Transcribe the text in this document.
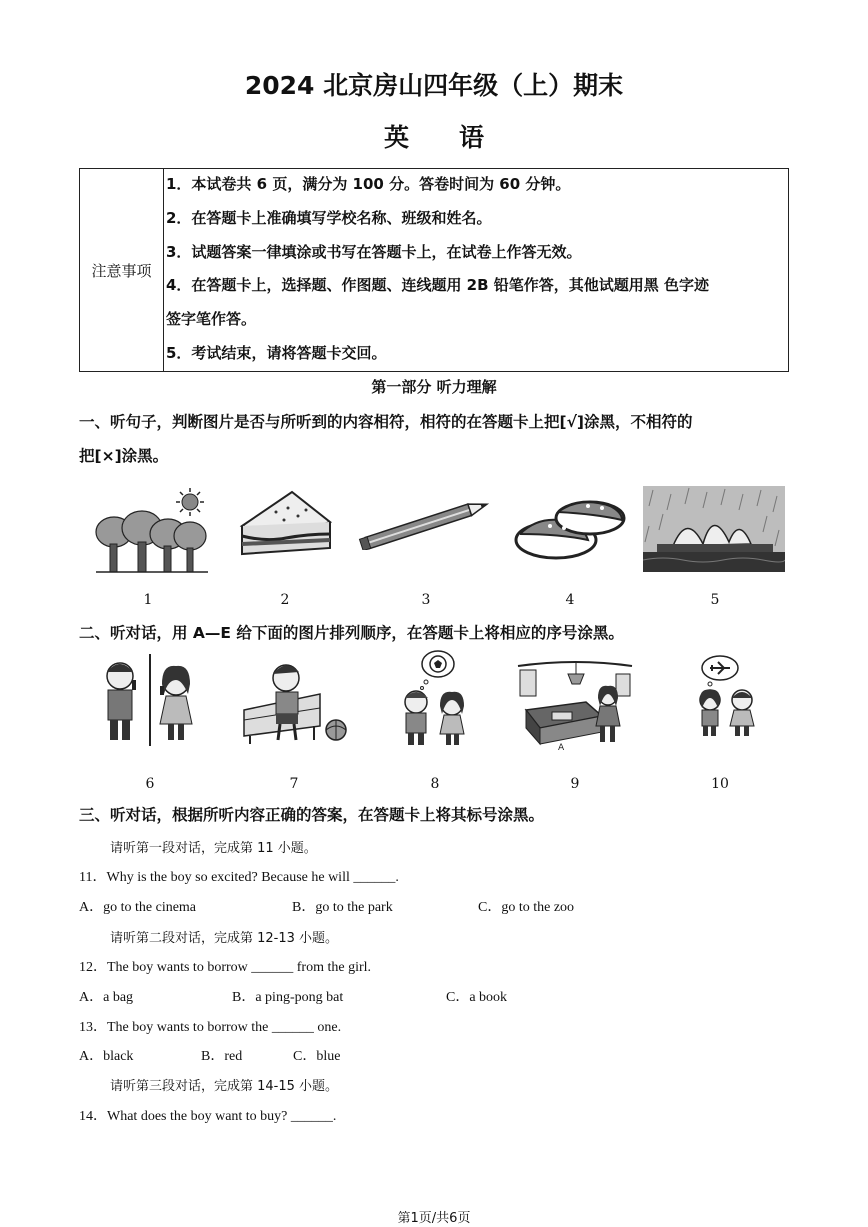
2024 北京房山四年级（上）期末
英　　语
注意事项
1．本试卷共 6 页，满分为 100 分。答卷时间为 60 分钟。
2．在答题卡上准确填写学校名称、班级和姓名。
3．试题答案一律填涂或书写在答题卡上，在试卷上作答无效。
4．在答题卡上，选择题、作图题、连线题用 2B 铅笔作答，其他试题用黑 色字迹
签字笔作答。
5．考试结束，请将答题卡交回。
第一部分 听力理解
一、听句子，判断图片是否与所听到的内容相符，相符的在答题卡上把[√]涂黑，不相符的
把[×]涂黑。
1	2	3	4	5
二、听对话，用 A—E 给下面的图片排列顺序，在答题卡上将相应的序号涂黑。
6	7	8
A
9	10
三、听对话，根据所听内容正确的答案，在答题卡上将其标号涂黑。
请听第一段对话，完成第 11 小题。
11．Why is the boy so excited? Because he will ______.
A．go to the cinema	B．go to the park	C．go to the zoo
请听第二段对话，完成第 12-13 小题。
12．The boy wants to borrow ______ from the girl.
A．a bag	B．a ping-pong bat	C．a book
13．The boy wants to borrow the ______ one.
A．black	B．red	C．blue
请听第三段对话，完成第 14-15 小题。
14．What does the boy want to buy? ______.
第1页/共6页
